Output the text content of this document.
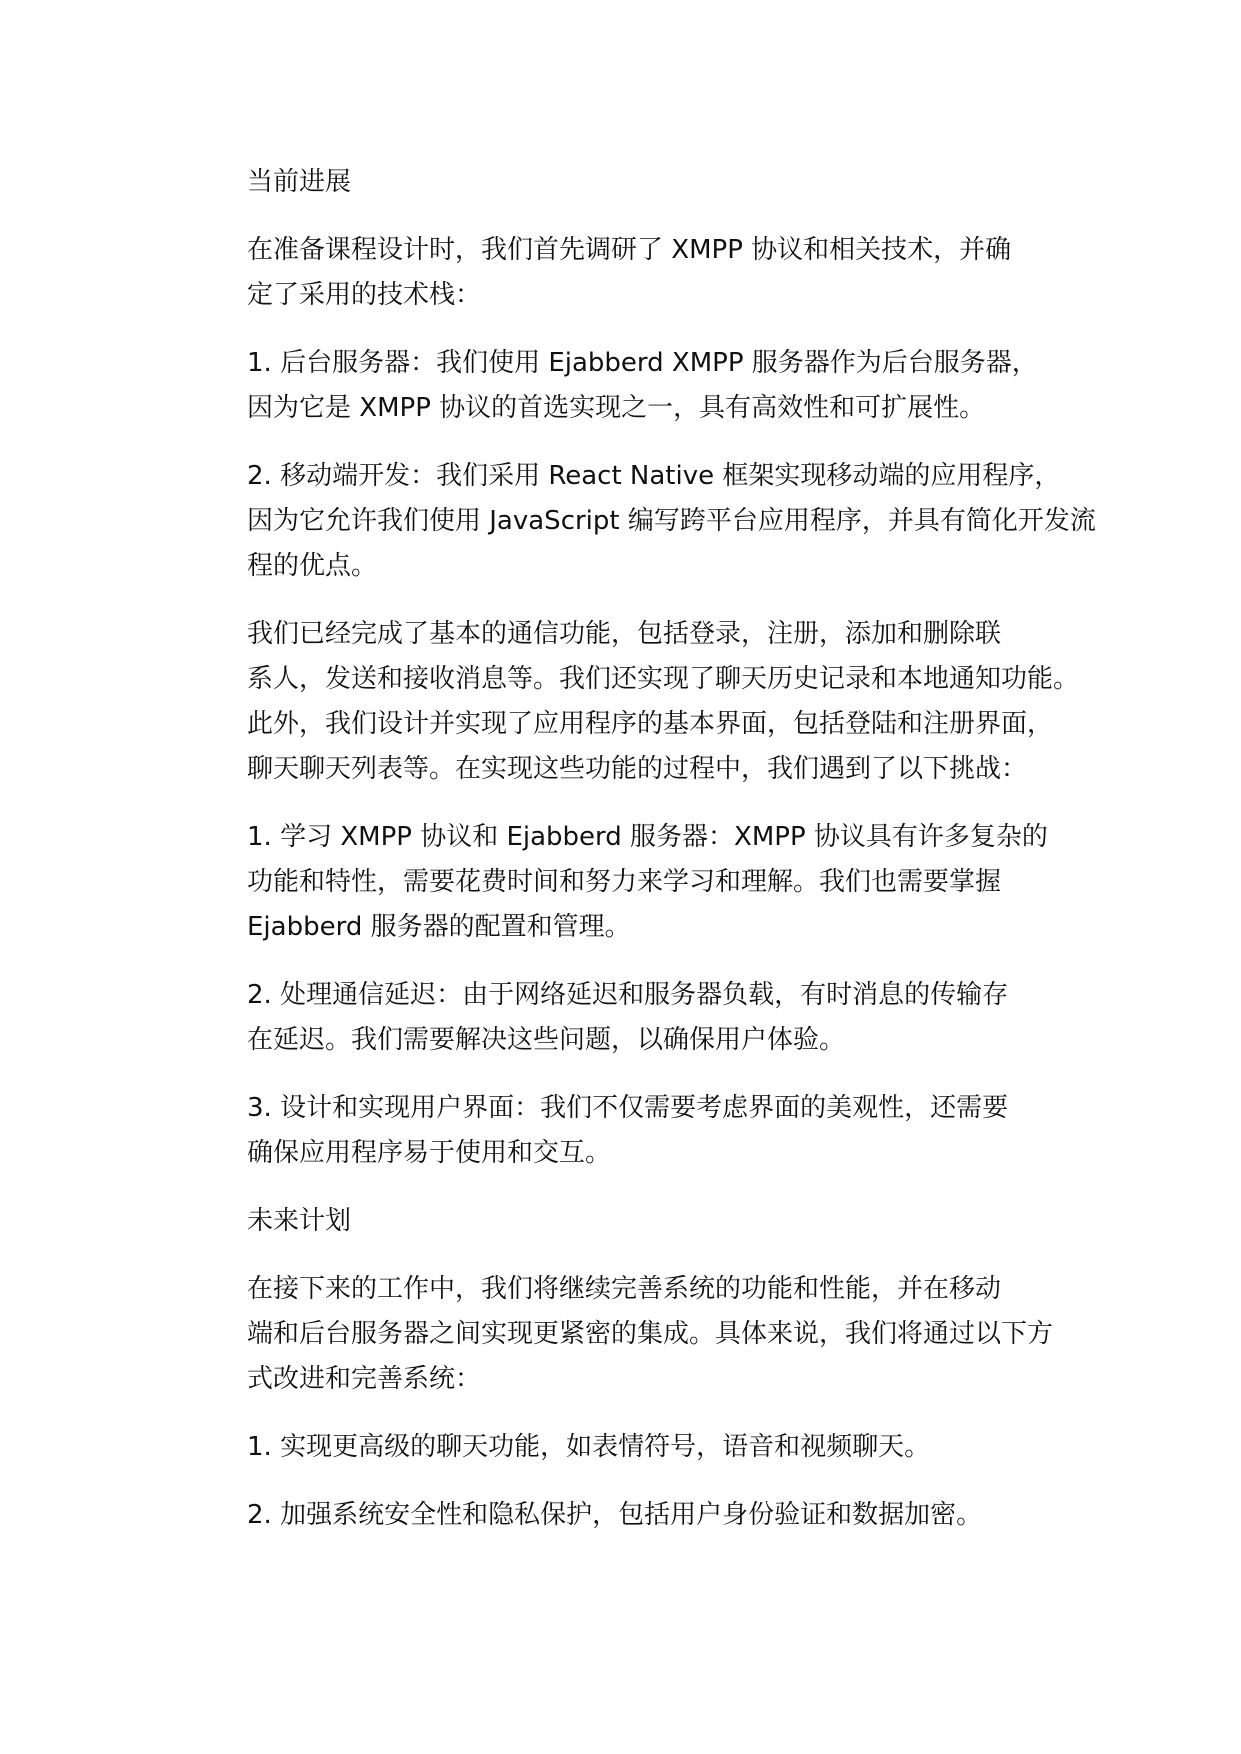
当前进展
在准备课程设计时，我们首先调研了 XMPP 协议和相关技术，并确
定了采用的技术栈：
1. 后台服务器：我们使用 Ejabberd XMPP 服务器作为后台服务器，
因为它是 XMPP 协议的首选实现之一，具有高效性和可扩展性。
2. 移动端开发：我们采用 React Native 框架实现移动端的应用程序，
因为它允许我们使用 JavaScript 编写跨平台应用程序，并具有简化开发流
程的优点。
我们已经完成了基本的通信功能，包括登录，注册，添加和删除联
系人，发送和接收消息等。我们还实现了聊天历史记录和本地通知功能。
此外，我们设计并实现了应用程序的基本界面，包括登陆和注册界面，
聊天聊天列表等。在实现这些功能的过程中，我们遇到了以下挑战：
1. 学习 XMPP 协议和 Ejabberd 服务器：XMPP 协议具有许多复杂的
功能和特性，需要花费时间和努力来学习和理解。我们也需要掌握
Ejabberd 服务器的配置和管理。
2. 处理通信延迟：由于网络延迟和服务器负载，有时消息的传输存
在延迟。我们需要解决这些问题，以确保用户体验。
3. 设计和实现用户界面：我们不仅需要考虑界面的美观性，还需要
确保应用程序易于使用和交互。
未来计划
在接下来的工作中，我们将继续完善系统的功能和性能，并在移动
端和后台服务器之间实现更紧密的集成。具体来说，我们将通过以下方
式改进和完善系统：
1. 实现更高级的聊天功能，如表情符号，语音和视频聊天。
2. 加强系统安全性和隐私保护，包括用户身份验证和数据加密。
